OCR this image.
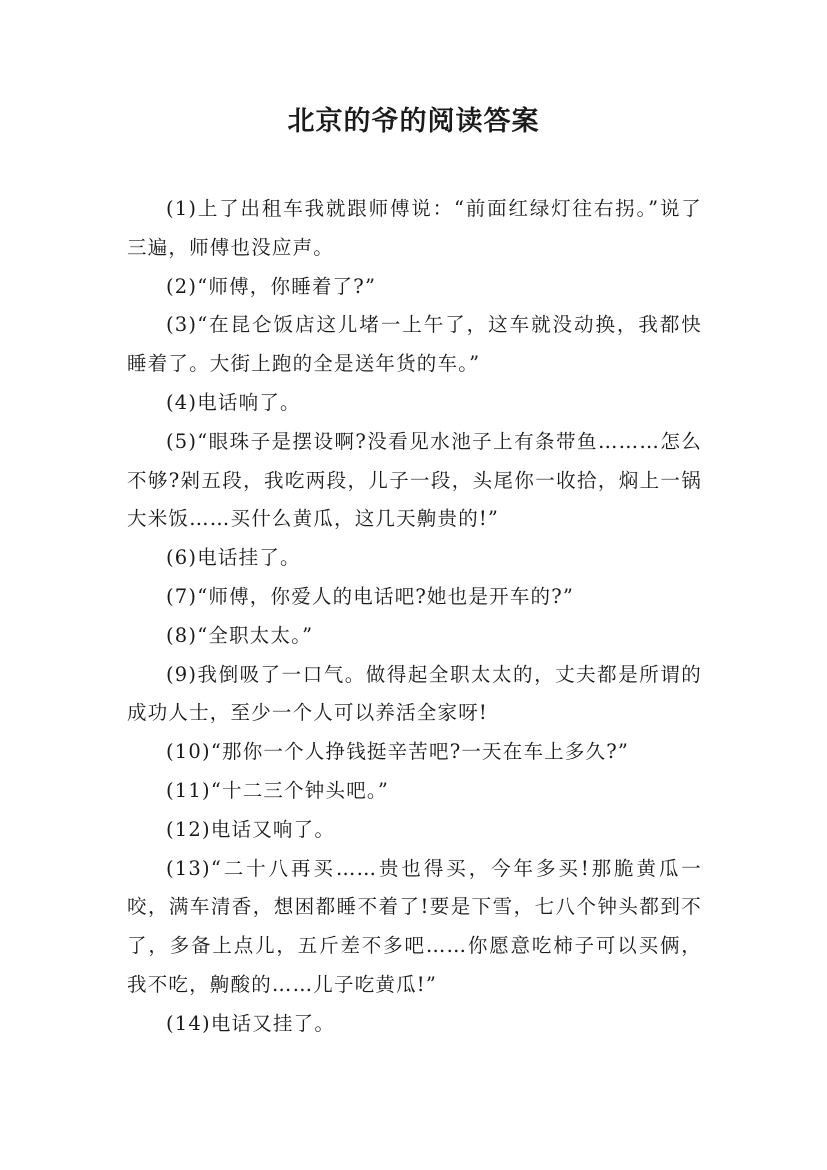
北京的爷的阅读答案

(1)上了出租车我就跟师傅说：“前面红绿灯往右拐。”说了三遍，师傅也没应声。

(2)“师傅，你睡着了?”

(3)“在昆仑饭店这儿堵一上午了，这车就没动换，我都快睡着了。大街上跑的全是送年货的车。”

(4)电话响了。

(5)“眼珠子是摆设啊?没看见水池子上有条带鱼………怎么不够?剁五段，我吃两段，儿子一段，头尾你一收拾，焖上一锅大米饭……买什么黄瓜，这几天齁贵的!”

(6)电话挂了。

(7)“师傅，你爱人的电话吧?她也是开车的?”

(8)“全职太太。”

(9)我倒吸了一口气。做得起全职太太的，丈夫都是所谓的成功人士，至少一个人可以养活全家呀!

(10)“那你一个人挣钱挺辛苦吧?一天在车上多久?”

(11)“十二三个钟头吧。”

(12)电话又响了。

(13)“二十八再买……贵也得买，今年多买!那脆黄瓜一咬，满车清香，想困都睡不着了!要是下雪，七八个钟头都到不了，多备上点儿，五斤差不多吧……你愿意吃柿子可以买俩，我不吃，齁酸的……儿子吃黄瓜!”

(14)电话又挂了。
